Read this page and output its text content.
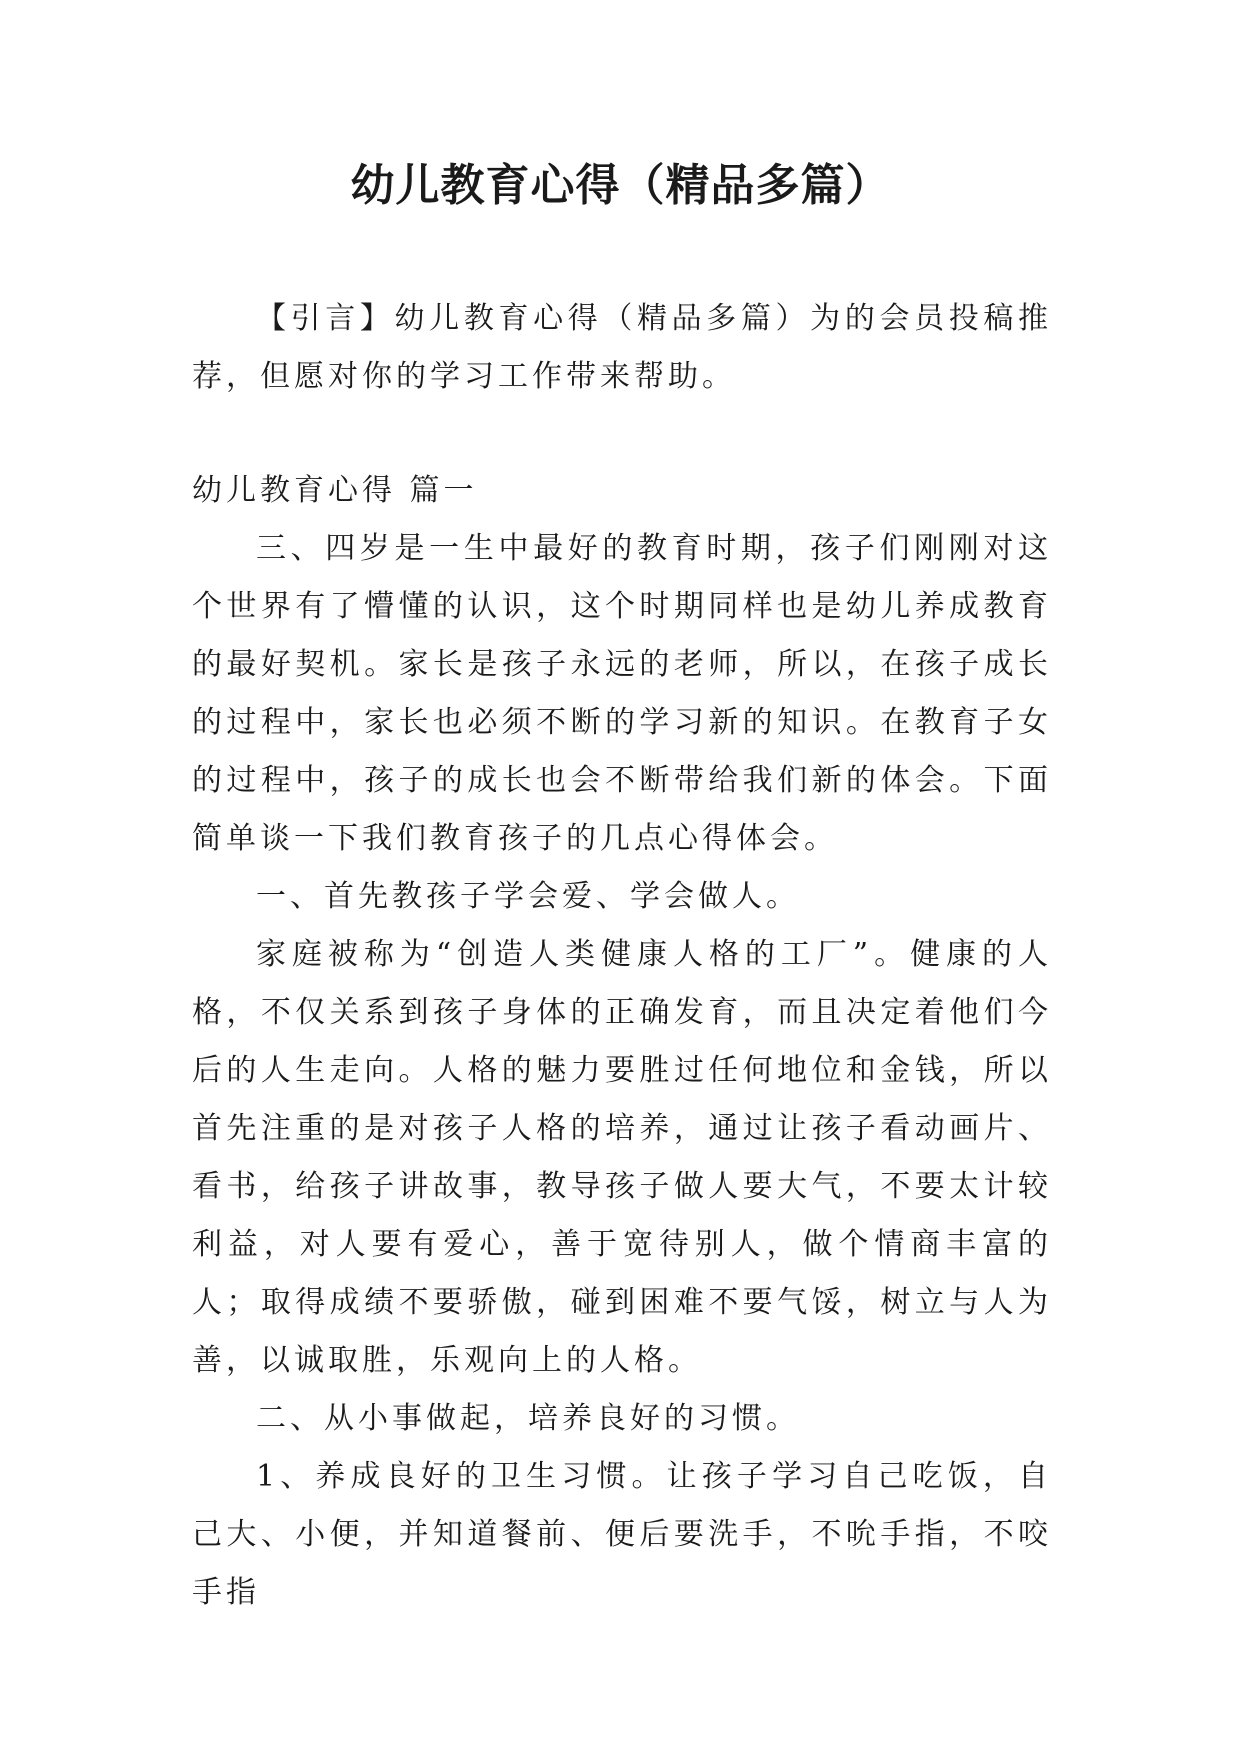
幼儿教育心得（精品多篇）

【引言】幼儿教育心得（精品多篇）为的会员投稿推荐，但愿对你的学习工作带来帮助。

幼儿教育心得 篇一

三、四岁是一生中最好的教育时期，孩子们刚刚对这个世界有了懵懂的认识，这个时期同样也是幼儿养成教育的最好契机。家长是孩子永远的老师，所以，在孩子成长的过程中，家长也必须不断的学习新的知识。在教育子女的过程中，孩子的成长也会不断带给我们新的体会。下面简单谈一下我们教育孩子的几点心得体会。

一、首先教孩子学会爱、学会做人。

家庭被称为“创造人类健康人格的工厂”。健康的人格，不仅关系到孩子身体的正确发育，而且决定着他们今后的人生走向。人格的魅力要胜过任何地位和金钱，所以首先注重的是对孩子人格的培养，通过让孩子看动画片、看书，给孩子讲故事，教导孩子做人要大气，不要太计较利益，对人要有爱心，善于宽待别人，做个情商丰富的人；取得成绩不要骄傲，碰到困难不要气馁，树立与人为善，以诚取胜，乐观向上的人格。

二、从小事做起，培养良好的习惯。

1、养成良好的卫生习惯。让孩子学习自己吃饭，自己大、小便，并知道餐前、便后要洗手，不吮手指，不咬手指
